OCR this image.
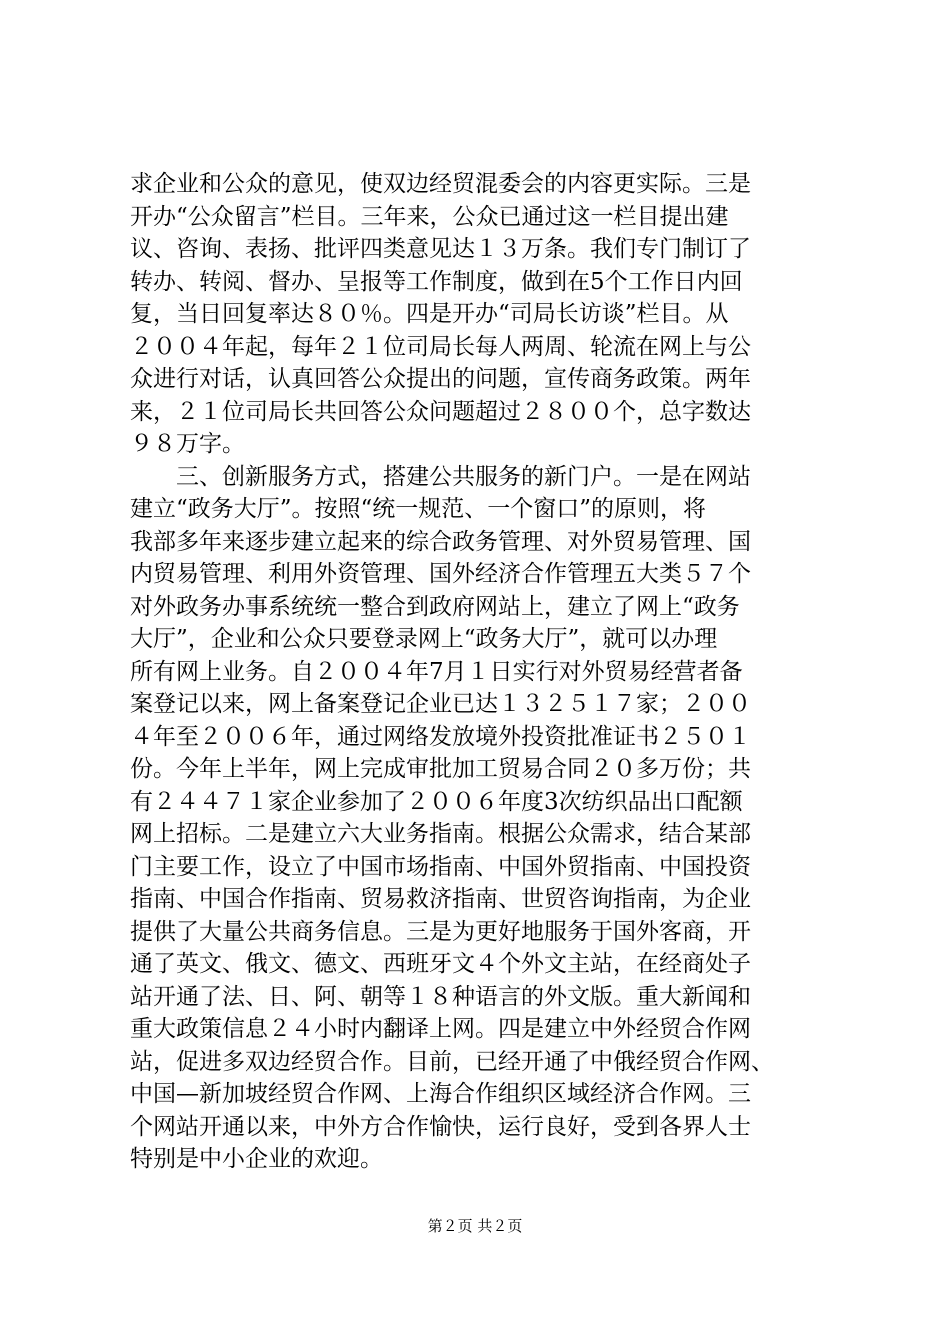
求企业和公众的意见，使双边经贸混委会的内容更实际。三是
开办“公众留言”栏目。三年来，公众已通过这一栏目提出建
议、咨询、表扬、批评四类意见达１３万条。我们专门制订了
转办、转阅、督办、呈报等工作制度，做到在5个工作日内回
复，当日回复率达８０％。四是开办“司局长访谈”栏目。从
２００４年起，每年２１位司局长每人两周、轮流在网上与公
众进行对话，认真回答公众提出的问题，宣传商务政策。两年
来，２１位司局长共回答公众问题超过２８００个，总字数达
９８万字。
　　三、创新服务方式，搭建公共服务的新门户。一是在网站
建立“政务大厅”。按照“统一规范、一个窗口”的原则，将
我部多年来逐步建立起来的综合政务管理、对外贸易管理、国
内贸易管理、利用外资管理、国外经济合作管理五大类５７个
对外政务办事系统统一整合到政府网站上，建立了网上“政务
大厅”，企业和公众只要登录网上“政务大厅”，就可以办理
所有网上业务。自２００４年7月１日实行对外贸易经营者备
案登记以来，网上备案登记企业已达１３２５１７家；２００
４年至２００６年，通过网络发放境外投资批准证书２５０１
份。今年上半年，网上完成审批加工贸易合同２０多万份；共
有２４４７１家企业参加了２００６年度3次纺织品出口配额
网上招标。二是建立六大业务指南。根据公众需求，结合某部
门主要工作，设立了中国市场指南、中国外贸指南、中国投资
指南、中国合作指南、贸易救济指南、世贸咨询指南，为企业
提供了大量公共商务信息。三是为更好地服务于国外客商，开
通了英文、俄文、德文、西班牙文４个外文主站，在经商处子
站开通了法、日、阿、朝等１８种语言的外文版。重大新闻和
重大政策信息２４小时内翻译上网。四是建立中外经贸合作网
站，促进多双边经贸合作。目前，已经开通了中俄经贸合作网、
中国—新加坡经贸合作网、上海合作组织区域经济合作网。三
个网站开通以来，中外方合作愉快，运行良好，受到各界人士
特别是中小企业的欢迎。
第２页 共２页
